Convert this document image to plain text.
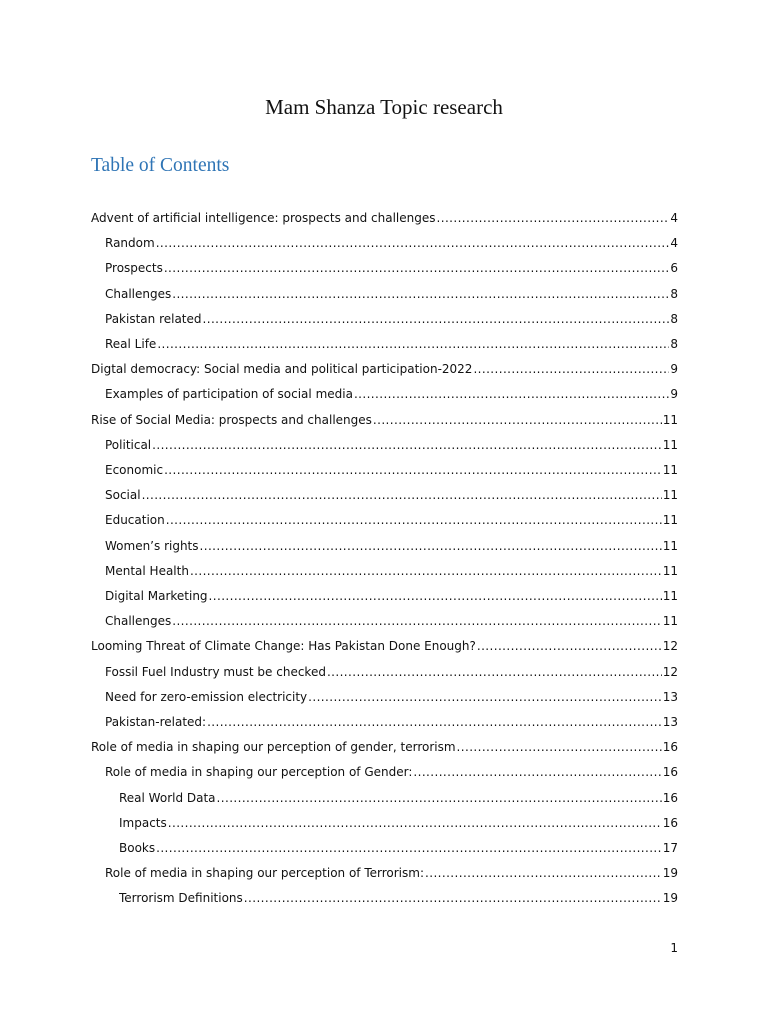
Mam Shanza Topic research
Table of Contents
Advent of artificial intelligence: prospects and challenges .....	4
Random .....	4
Prospects .....	6
Challenges .....	8
Pakistan related .....	8
Real Life .....	8
Digtal democracy: Social media and political participation-2022 .....	9
Examples of participation of social media .....	9
Rise of Social Media: prospects and challenges .....	11
Political .....	11
Economic .....	11
Social .....	11
Education .....	11
Women’s rights .....	11
Mental Health .....	11
Digital Marketing .....	11
Challenges .....	11
Looming Threat of Climate Change: Has Pakistan Done Enough? .....	12
Fossil Fuel Industry must be checked .....	12
Need for zero-emission electricity .....	13
Pakistan-related: .....	13
Role of media in shaping our perception of gender, terrorism .....	16
Role of media in shaping our perception of Gender: .....	16
Real World Data .....	16
Impacts .....	16
Books .....	17
Role of media in shaping our perception of Terrorism: .....	19
Terrorism Definitions .....	19
1
